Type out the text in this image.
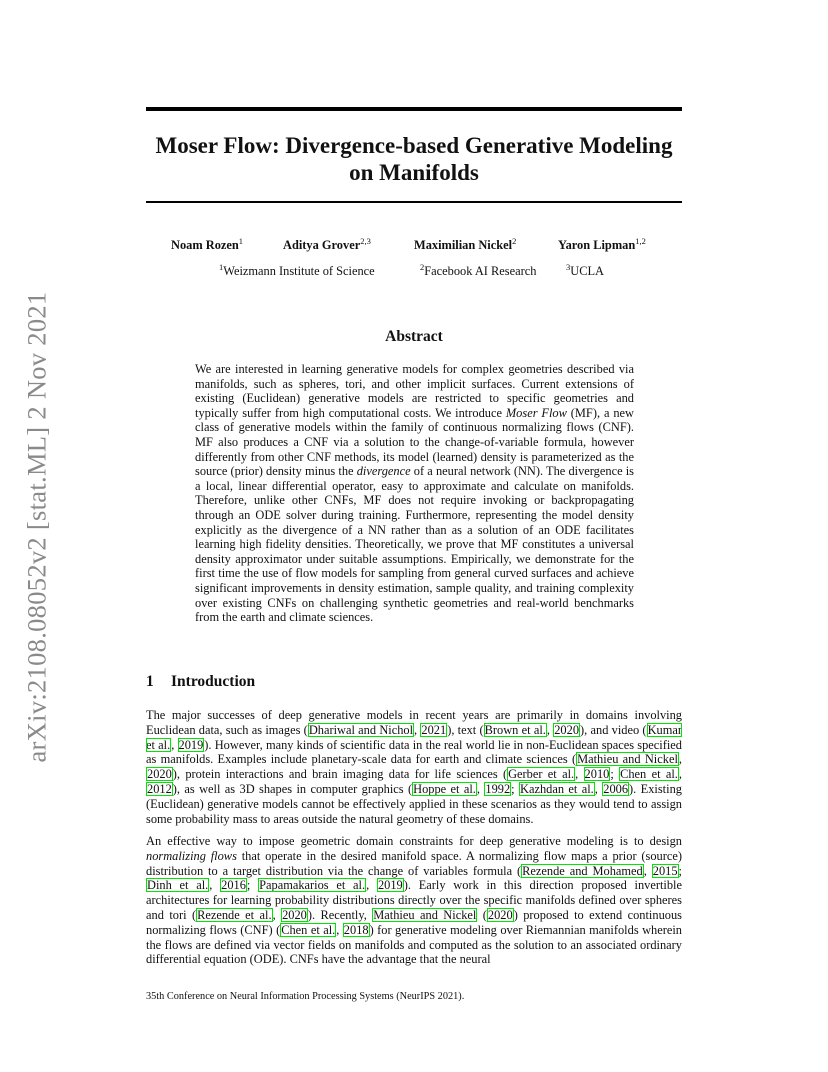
arXiv:2108.08052v2 [stat.ML] 2 Nov 2021
Moser Flow: Divergence-based Generative Modeling
on Manifolds
Noam Rozen$^1$	Aditya Grover$^{2,3}$	Maximilian Nickel$^2$	Yaron Lipman$^{1,2}$
$^1$Weizmann Institute of Science	$^2$Facebook AI Research	$^3$UCLA
Abstract
We are interested in learning generative models for complex geometries described via manifolds, such as spheres, tori, and other implicit surfaces. Current extensions of existing (Euclidean) generative models are restricted to specific geometries and typically suffer from high computational costs. We introduce Moser Flow (MF), a new class of generative models within the family of continuous normalizing flows (CNF). MF also produces a CNF via a solution to the change-of-variable formula, however differently from other CNF methods, its model (learned) density is parameterized as the source (prior) density minus the divergence of a neural network (NN). The divergence is a local, linear differential operator, easy to approximate and calculate on manifolds. Therefore, unlike other CNFs, MF does not require invoking or backpropagating through an ODE solver during training. Furthermore, representing the model density explicitly as the divergence of a NN rather than as a solution of an ODE facilitates learning high fidelity densities. Theoretically, we prove that MF constitutes a universal density approximator under suitable assumptions. Empirically, we demonstrate for the first time the use of flow models for sampling from general curved surfaces and achieve significant improvements in density estimation, sample quality, and training complexity over existing CNFs on challenging synthetic geometries and real-world benchmarks from the earth and climate sciences.
1 Introduction
The major successes of deep generative models in recent years are primarily in domains involving Euclidean data, such as images (Dhariwal and Nichol, 2021), text (Brown et al., 2020), and video (Kumar et al., 2019). However, many kinds of scientific data in the real world lie in non-Euclidean spaces specified as manifolds. Examples include planetary-scale data for earth and climate sciences (Mathieu and Nickel, 2020), protein interactions and brain imaging data for life sciences (Gerber et al., 2010; Chen et al., 2012), as well as 3D shapes in computer graphics (Hoppe et al., 1992; Kazhdan et al., 2006). Existing (Euclidean) generative models cannot be effectively applied in these scenarios as they would tend to assign some probability mass to areas outside the natural geometry of these domains.
An effective way to impose geometric domain constraints for deep generative modeling is to design normalizing flows that operate in the desired manifold space. A normalizing flow maps a prior (source) distribution to a target distribution via the change of variables formula (Rezende and Mohamed, 2015; Dinh et al., 2016; Papamakarios et al., 2019). Early work in this direction proposed invertible architectures for learning probability distributions directly over the specific manifolds defined over spheres and tori (Rezende et al., 2020). Recently, Mathieu and Nickel (2020) proposed to extend continuous normalizing flows (CNF) (Chen et al., 2018) for generative modeling over Riemannian manifolds wherein the flows are defined via vector fields on manifolds and computed as the solution to an associated ordinary differential equation (ODE). CNFs have the advantage that the neural
35th Conference on Neural Information Processing Systems (NeurIPS 2021).
